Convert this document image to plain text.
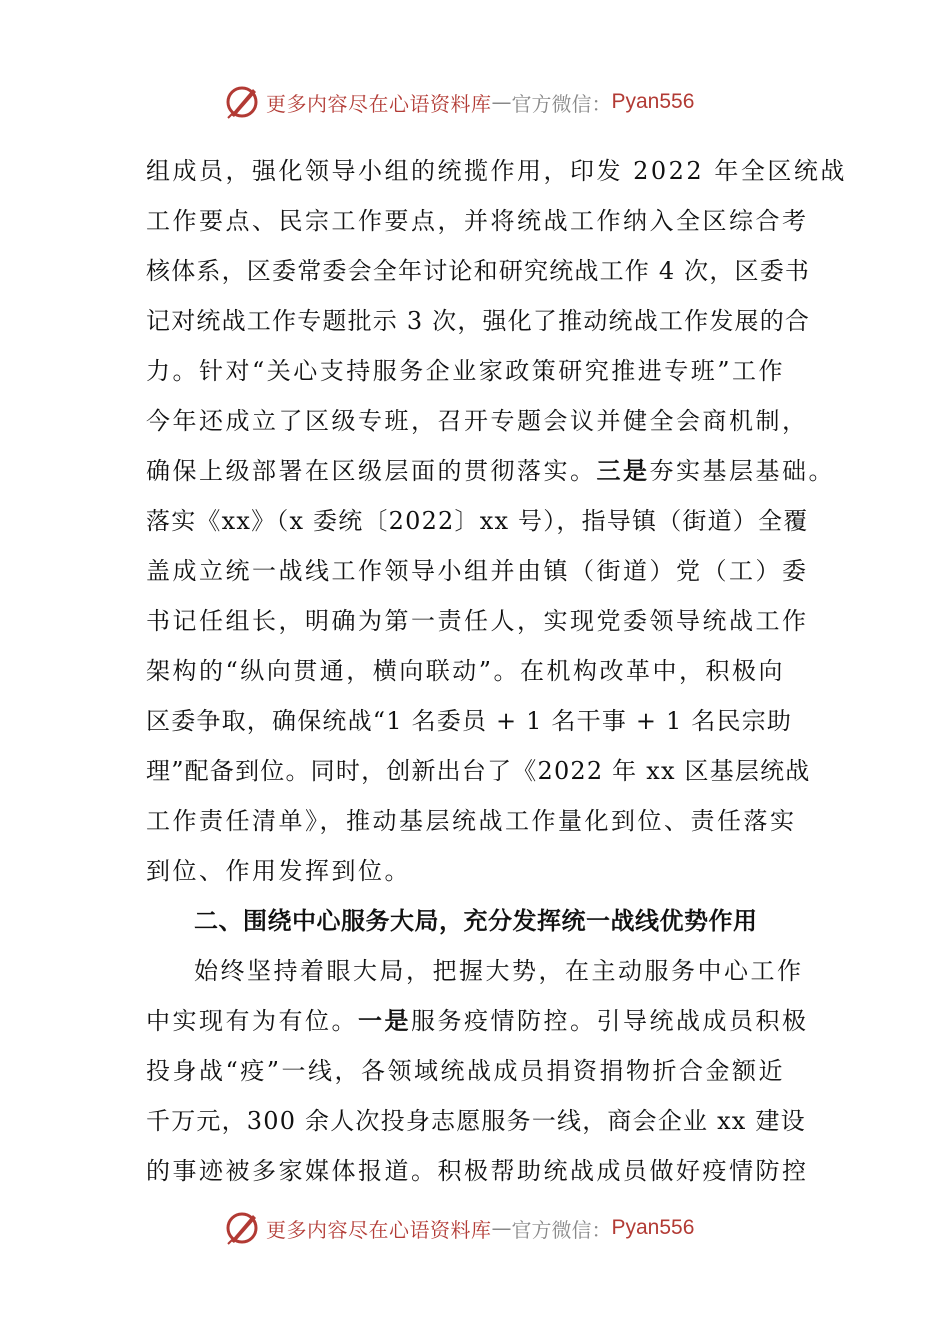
更多内容尽在心语资料库 — 官方微信： Pyan556
组成员，强化领导小组的统揽作用，印发 2022 年全区统战
工作要点、民宗工作要点，并将统战工作纳入全区综合考
核体系，区委常委会全年讨论和研究统战工作 4 次，区委书
记对统战工作专题批示 3 次，强化了推动统战工作发展的合
力。针对“关心支持服务企业家政策研究推进专班”工作
今年还成立了区级专班，召开专题会议并健全会商机制，
确保上级部署在区级层面的贯彻落实。三是夯实基层基础。
落实《xx》（x 委统〔2022〕xx 号），指导镇（街道）全覆
盖成立统一战线工作领导小组并由镇（街道）党（工）委
书记任组长，明确为第一责任人，实现党委领导统战工作
架构的“纵向贯通，横向联动”。在机构改革中，积极向
区委争取，确保统战“1 名委员 + 1 名干事 + 1 名民宗助
理”配备到位。同时，创新出台了《2022 年 xx 区基层统战
工作责任清单》，推动基层统战工作量化到位、责任落实
到位、作用发挥到位。
二、围绕中心服务大局，充分发挥统一战线优势作用
始终坚持着眼大局，把握大势，在主动服务中心工作
中实现有为有位。一是服务疫情防控。引导统战成员积极
投身战“疫”一线，各领域统战成员捐资捐物折合金额近
千万元，300 余人次投身志愿服务一线，商会企业 xx 建设
的事迹被多家媒体报道。积极帮助统战成员做好疫情防控
更多内容尽在心语资料库 — 官方微信： Pyan556
